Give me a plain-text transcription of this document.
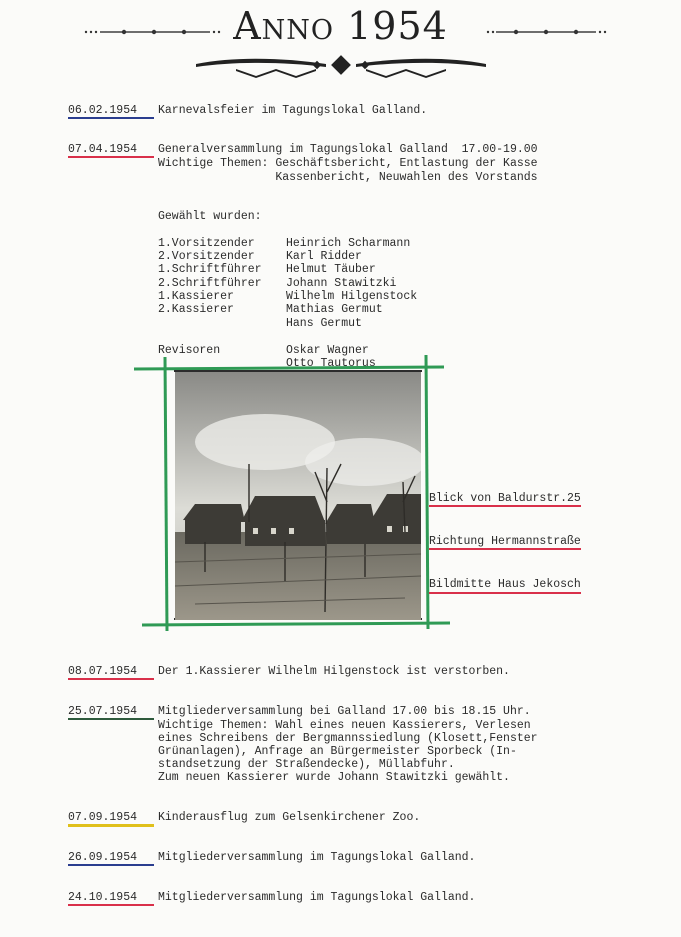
Anno 1954
06.02.1954	Karnevalsfeier im Tagungslokal Galland.
07.04.1954	Generalversammlung im Tagungslokal Galland  17.00-19.00
Wichtige Themen: Geschäftsbericht, Entlastung der Kasse
Kassenbericht, Neuwahlen des Vorstands
Gewählt wurden:
1.Vorsitzender	Heinrich Scharmann
2.Vorsitzender	Karl Ridder
1.Schriftführer Helmut Täuber
2.Schriftführer Johann Stawitzki
1.Kassierer	Wilhelm Hilgenstock
2.Kassierer	Mathias Germut
Hans Germut
Revisoren	Oskar Wagner
Otto Tautorus

Blick von Baldurstr.25

Richtung Hermannstraße

Bildmitte Haus Jekosch

08.07.1954	Der 1.Kassierer Wilhelm Hilgenstock ist verstorben.
25.07.1954	Mitgliederversammlung bei Galland 17.00 bis 18.15 Uhr.
Wichtige Themen: Wahl eines neuen Kassierers, Verlesen
eines Schreibens der Bergmannssiedlung (Klosett,Fenster
Grünanlagen), Anfrage an Bürgermeister Sporbeck (In-
standsetzung der Straßendecke), Müllabfuhr.
Zum neuen Kassierer wurde Johann Stawitzki gewählt.
07.09.1954	Kinderausflug zum Gelsenkirchener Zoo.
26.09.1954	Mitgliederversammlung im Tagungslokal Galland.
24.10.1954	Mitgliederversammlung im Tagungslokal Galland.
